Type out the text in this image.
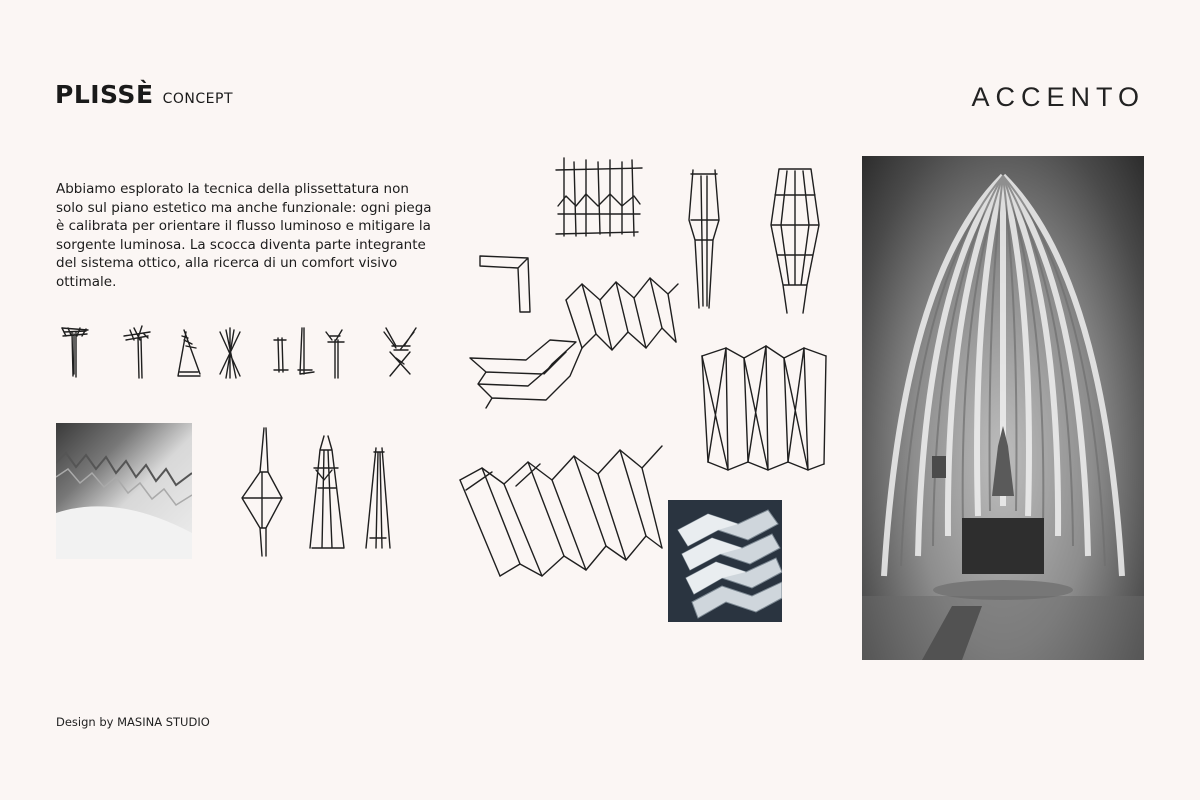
PLISSÈ CONCEPT	ACCENTO
Abbiamo esplorato la tecnica della plissettatura non solo sul piano estetico ma anche funzionale: ogni piega è calibrata per orientare il flusso luminoso e mitigare la sorgente luminosa. La scocca diventa parte integrante del sistema ottico, alla ricerca di un comfort visivo ottimale.
Design by MASINA STUDIO
